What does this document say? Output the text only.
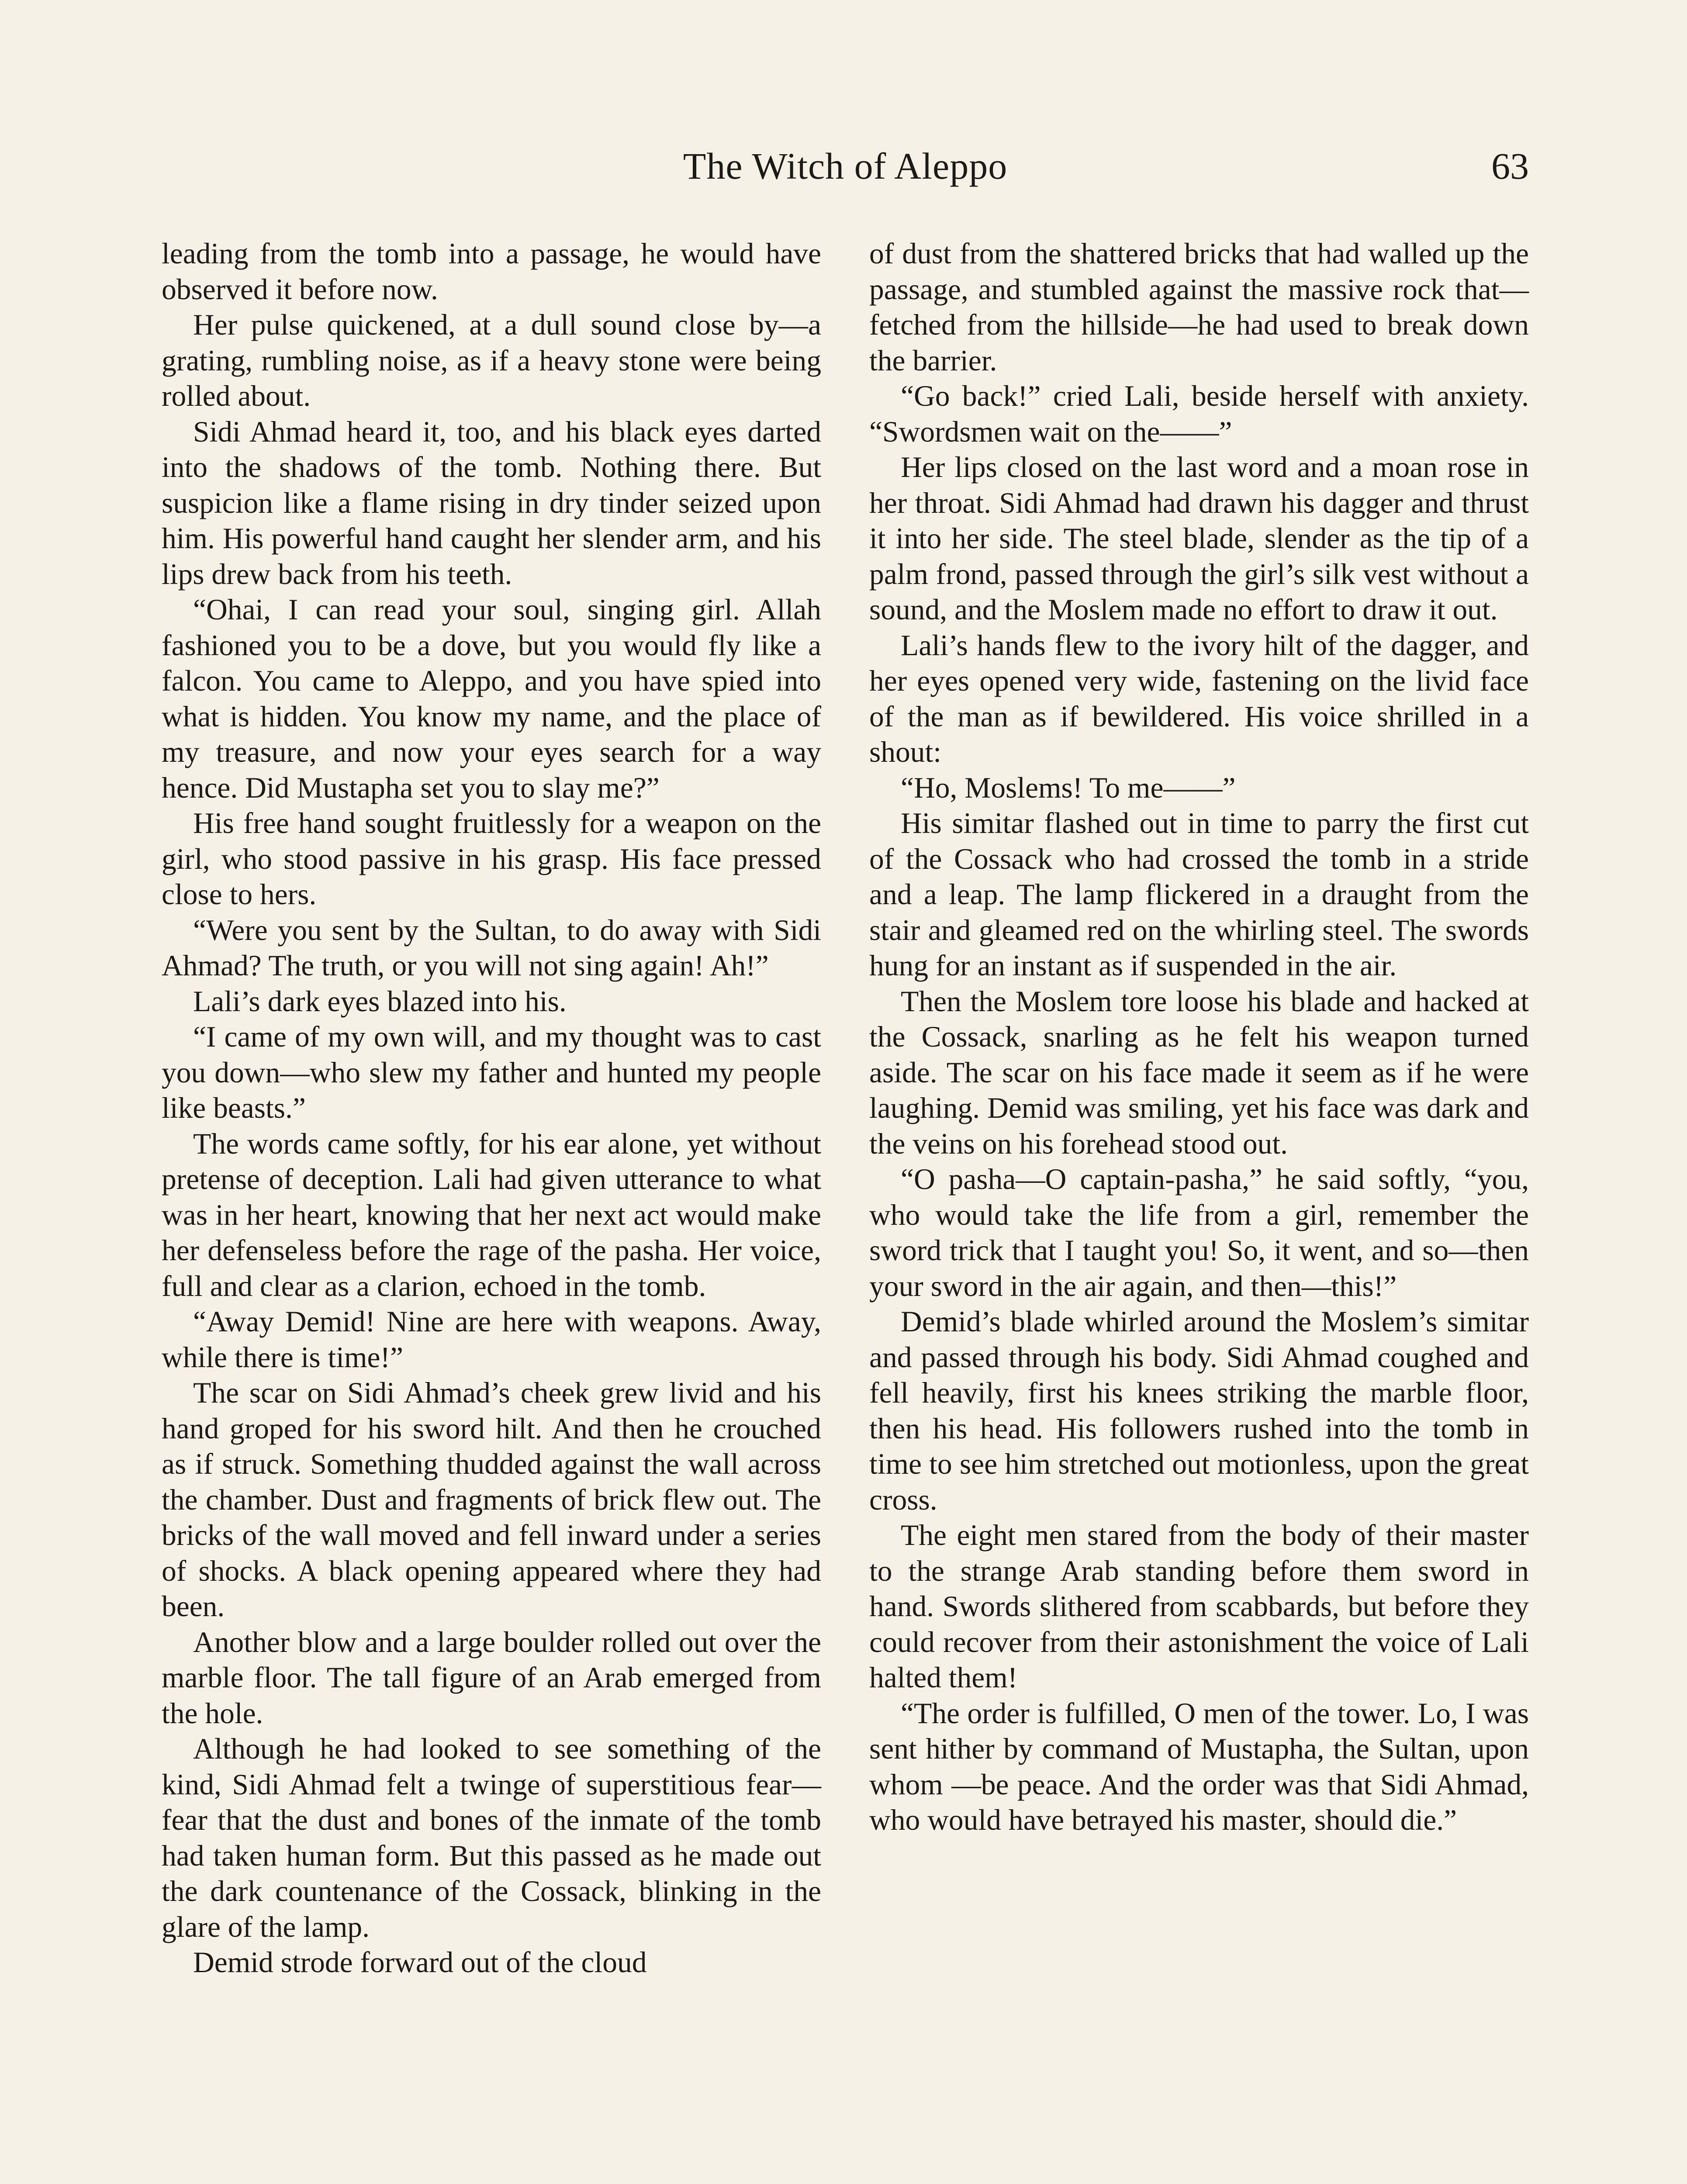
The Witch of Aleppo	63

leading from the tomb into a passage, he would have observed it before now.

Her pulse quickened, at a dull sound close by—a grating, rumbling noise, as if a heavy stone were being rolled about.

Sidi Ahmad heard it, too, and his black eyes darted into the shadows of the tomb. Nothing there. But suspicion like a flame rising in dry tinder seized upon him. His powerful hand caught her slender arm, and his lips drew back from his teeth.

“Ohai, I can read your soul, singing girl. Allah fashioned you to be a dove, but you would fly like a falcon. You came to Aleppo, and you have spied into what is hidden. You know my name, and the place of my treasure, and now your eyes search for a way hence. Did Mustapha set you to slay me?”

His free hand sought fruitlessly for a weapon on the girl, who stood passive in his grasp. His face pressed close to hers.

“Were you sent by the Sultan, to do away with Sidi Ahmad? The truth, or you will not sing again! Ah!”

Lali’s dark eyes blazed into his.

“I came of my own will, and my thought was to cast you down—who slew my father and hunted my people like beasts.”

The words came softly, for his ear alone, yet without pretense of deception. Lali had given utterance to what was in her heart, knowing that her next act would make her defenseless before the rage of the pasha. Her voice, full and clear as a clarion, echoed in the tomb.

“Away Demid! Nine are here with weapons. Away, while there is time!”

The scar on Sidi Ahmad’s cheek grew livid and his hand groped for his sword hilt. And then he crouched as if struck. Something thudded against the wall across the chamber. Dust and fragments of brick flew out. The bricks of the wall moved and fell inward under a series of shocks. A black opening appeared where they had been.

Another blow and a large boulder rolled out over the marble floor. The tall figure of an Arab emerged from the hole.

Although he had looked to see something of the kind, Sidi Ahmad felt a twinge of superstitious fear—fear that the dust and bones of the inmate of the tomb had taken human form. But this passed as he made out the dark countenance of the Cossack, blinking in the glare of the lamp.

Demid strode forward out of the cloud

of dust from the shattered bricks that had walled up the passage, and stumbled against the massive rock that—fetched from the hillside—he had used to break down the barrier.

“Go back!” cried Lali, beside herself with anxiety. “Swordsmen wait on the——”

Her lips closed on the last word and a moan rose in her throat. Sidi Ahmad had drawn his dagger and thrust it into her side. The steel blade, slender as the tip of a palm frond, passed through the girl’s silk vest without a sound, and the Moslem made no effort to draw it out.

Lali’s hands flew to the ivory hilt of the dagger, and her eyes opened very wide, fastening on the livid face of the man as if bewildered. His voice shrilled in a shout:

“Ho, Moslems! To me——”

His simitar flashed out in time to parry the first cut of the Cossack who had crossed the tomb in a stride and a leap. The lamp flickered in a draught from the stair and gleamed red on the whirling steel. The swords hung for an instant as if suspended in the air.

Then the Moslem tore loose his blade and hacked at the Cossack, snarling as he felt his weapon turned aside. The scar on his face made it seem as if he were laughing. Demid was smiling, yet his face was dark and the veins on his forehead stood out.

“O pasha—O captain-pasha,” he said softly, “you, who would take the life from a girl, remember the sword trick that I taught you! So, it went, and so—then your sword in the air again, and then—this!”

Demid’s blade whirled around the Moslem’s simitar and passed through his body. Sidi Ahmad coughed and fell heavily, first his knees striking the marble floor, then his head. His followers rushed into the tomb in time to see him stretched out motionless, upon the great cross.

The eight men stared from the body of their master to the strange Arab standing before them sword in hand. Swords slithered from scabbards, but before they could recover from their astonishment the voice of Lali halted them!

“The order is fulfilled, O men of the tower. Lo, I was sent hither by command of Mustapha, the Sultan, upon whom —be peace. And the order was that Sidi Ahmad, who would have betrayed his master, should die.”
